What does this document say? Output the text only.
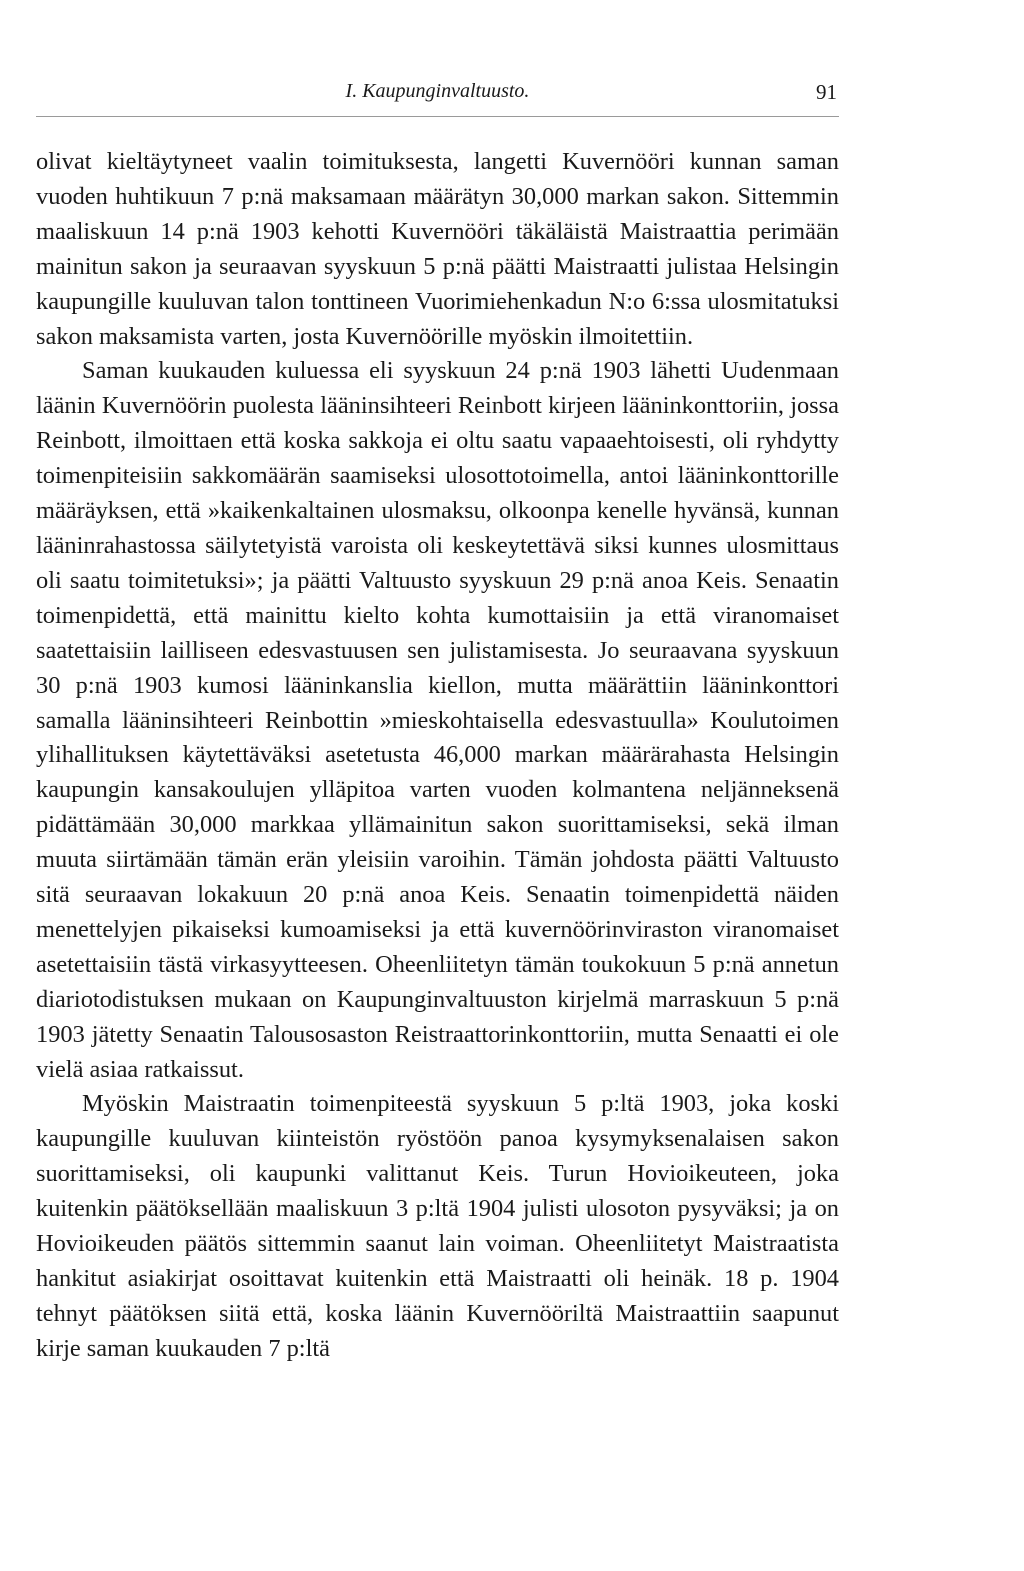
I. Kaupunginvaltuusto.	91

olivat kieltäytyneet vaalin toimituksesta, langetti Kuvernööri kunnan saman vuoden huhtikuun 7 p:nä maksamaan määrätyn 30,000 markan sakon. Sittemmin maaliskuun 14 p:nä 1903 kehotti Kuvernööri täkäläistä Maistraattia perimään mainitun sakon ja seuraavan syyskuun 5 p:nä päätti Maistraatti julistaa Helsingin kaupungille kuuluvan talon tonttineen Vuorimiehenkadun N:o 6:ssa ulosmitatuksi sakon maksamista varten, josta Kuvernöörille myöskin ilmoitettiin.

Saman kuukauden kuluessa eli syyskuun 24 p:nä 1903 lähetti Uudenmaan läänin Kuvernöörin puolesta lääninsihteeri Reinbott kirjeen lääninkonttoriin, jossa Reinbott, ilmoittaen että koska sakkoja ei oltu saatu vapaaehtoisesti, oli ryhdytty toimenpiteisiin sakkomäärän saamiseksi ulosottotoimella, antoi lääninkonttorille määräyksen, että »kaikenkaltainen ulosmaksu, olkoonpa kenelle hyvänsä, kunnan lääninrahastossa säilytetyistä varoista oli keskeytettävä siksi kunnes ulosmittaus oli saatu toimitetuksi»; ja päätti Valtuusto syyskuun 29 p:nä anoa Keis. Senaatin toimenpidettä, että mainittu kielto kohta kumottaisiin ja että viranomaiset saatettaisiin lailliseen edesvastuusen sen julistamisesta. Jo seuraavana syyskuun 30 p:nä 1903 kumosi lääninkanslia kiellon, mutta määrättiin lääninkonttori samalla lääninsihteeri Reinbottin »mieskohtaisella edesvastuulla» Koulutoimen ylihallituksen käytettäväksi asetetusta 46,000 markan määrärahasta Helsingin kaupungin kansakoulujen ylläpitoa varten vuoden kolmantena neljänneksenä pidättämään 30,000 markkaa yllämainitun sakon suorittamiseksi, sekä ilman muuta siirtämään tämän erän yleisiin varoihin. Tämän johdosta päätti Valtuusto sitä seuraavan lokakuun 20 p:nä anoa Keis. Senaatin toimenpidettä näiden menettelyjen pikaiseksi kumoamiseksi ja että kuvernöörinviraston viranomaiset asetettaisiin tästä virkasyytteesen. Oheenliitetyn tämän toukokuun 5 p:nä annetun diariotodistuksen mukaan on Kaupunginvaltuuston kirjelmä marraskuun 5 p:nä 1903 jätetty Senaatin Talousosaston Reistraattorinkonttoriin, mutta Senaatti ei ole vielä asiaa ratkaissut.

Myöskin Maistraatin toimenpiteestä syyskuun 5 p:ltä 1903, joka koski kaupungille kuuluvan kiinteistön ryöstöön panoa kysymyksenalaisen sakon suorittamiseksi, oli kaupunki valittanut Keis. Turun Hovioikeuteen, joka kuitenkin päätöksellään maaliskuun 3 p:ltä 1904 julisti ulosoton pysyväksi; ja on Hovioikeuden päätös sittemmin saanut lain voiman. Oheenliitetyt Maistraatista hankitut asiakirjat osoittavat kuitenkin että Maistraatti oli heinäk. 18 p. 1904 tehnyt päätöksen siitä että, koska läänin Kuvernööriltä Maistraattiin saapunut kirje saman kuukauden 7 p:ltä
